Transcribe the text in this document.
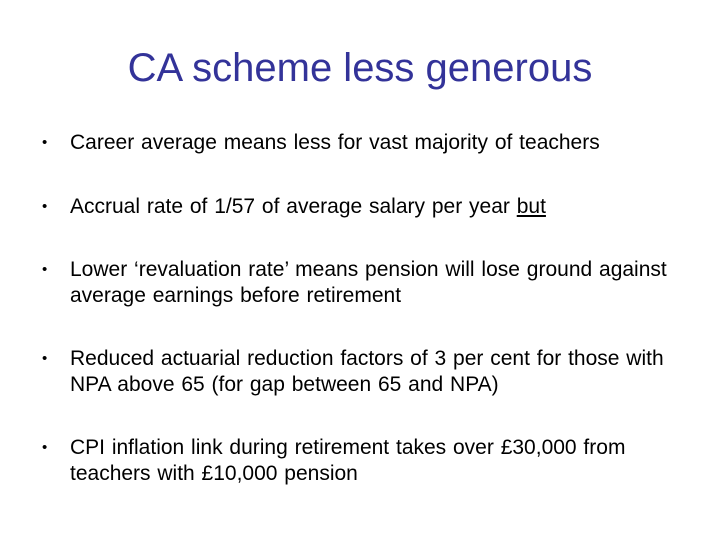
CA scheme less generous
• Career average means less for vast majority of teachers
• Accrual rate of 1/57 of average salary per year but
• Lower ‘revaluation rate’ means pension will lose ground against average earnings before retirement
• Reduced actuarial reduction factors of 3 per cent for those with NPA above 65 (for gap between 65 and NPA)
• CPI inflation link during retirement takes over £30,000 from teachers with £10,000 pension
